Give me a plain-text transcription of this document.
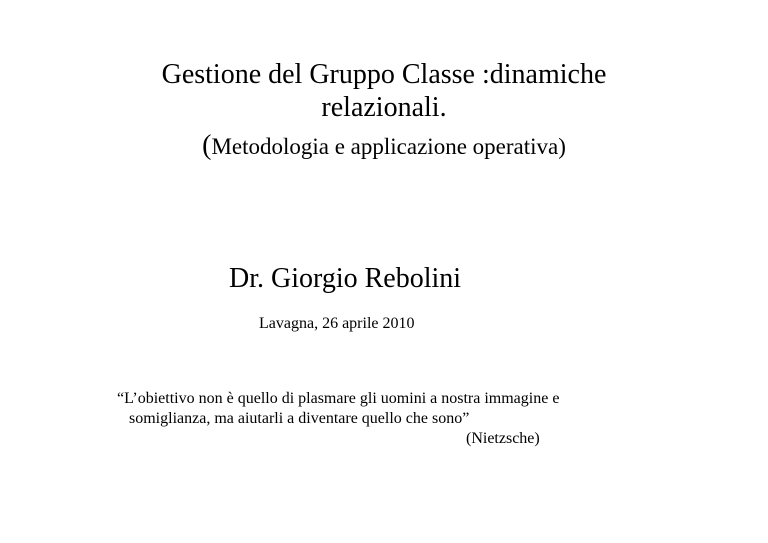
Gestione del Gruppo Classe :dinamiche
relazionali.
(Metodologia e applicazione operativa)
Dr. Giorgio Rebolini
Lavagna, 26 aprile 2010
“L’obiettivo non è quello di plasmare gli uomini a nostra immagine e
somiglianza, ma aiutarli a diventare quello che sono”
(Nietzsche)
